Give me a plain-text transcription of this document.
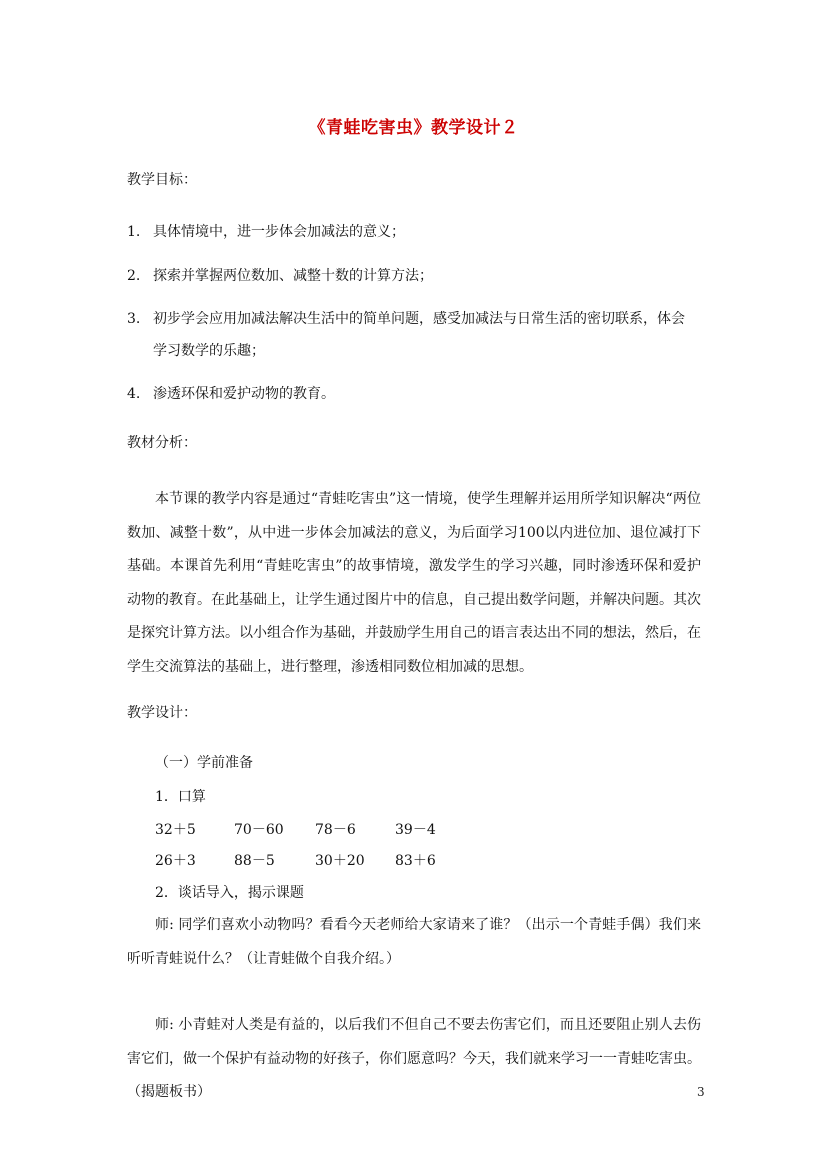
《青蛙吃害虫》教学设计２
教学目标：
1. 具体情境中，进一步体会加减法的意义；
2. 探索并掌握两位数加、减整十数的计算方法；
3. 初步学会应用加减法解决生活中的简单问题，感受加减法与日常生活的密切联系，体会
学习数学的乐趣；
4. 渗透环保和爱护动物的教育。
教材分析：
本节课的教学内容是通过“青蛙吃害虫”这一情境，使学生理解并运用所学知识解决“两位数加、减整十数”，从中进一步体会加减法的意义，为后面学习100以内进位加、退位减打下基础。本课首先利用“青蛙吃害虫”的故事情境，激发学生的学习兴趣，同时渗透环保和爱护动物的教育。在此基础上，让学生通过图片中的信息，自己提出数学问题，并解决问题。其次是探究计算方法。以小组合作为基础，并鼓励学生用自己的语言表达出不同的想法，然后，在学生交流算法的基础上，进行整理，渗透相同数位相加减的思想。
教学设计：
（一）学前准备
1．口算
32＋5	70－60 78－6	39－4
26＋3	88－5	30＋20 83＋6
2．谈话导入，揭示课题
师: 同学们喜欢小动物吗？看看今天老师给大家请来了谁？（出示一个青蛙手偶）我们来听听青蛙说什么？（让青蛙做个自我介绍。）
师: 小青蛙对人类是有益的，以后我们不但自己不要去伤害它们，而且还要阻止别人去伤害它们，做一个保护有益动物的好孩子，你们愿意吗？今天，我们就来学习一一青蛙吃害虫。（揭题板书）	3
